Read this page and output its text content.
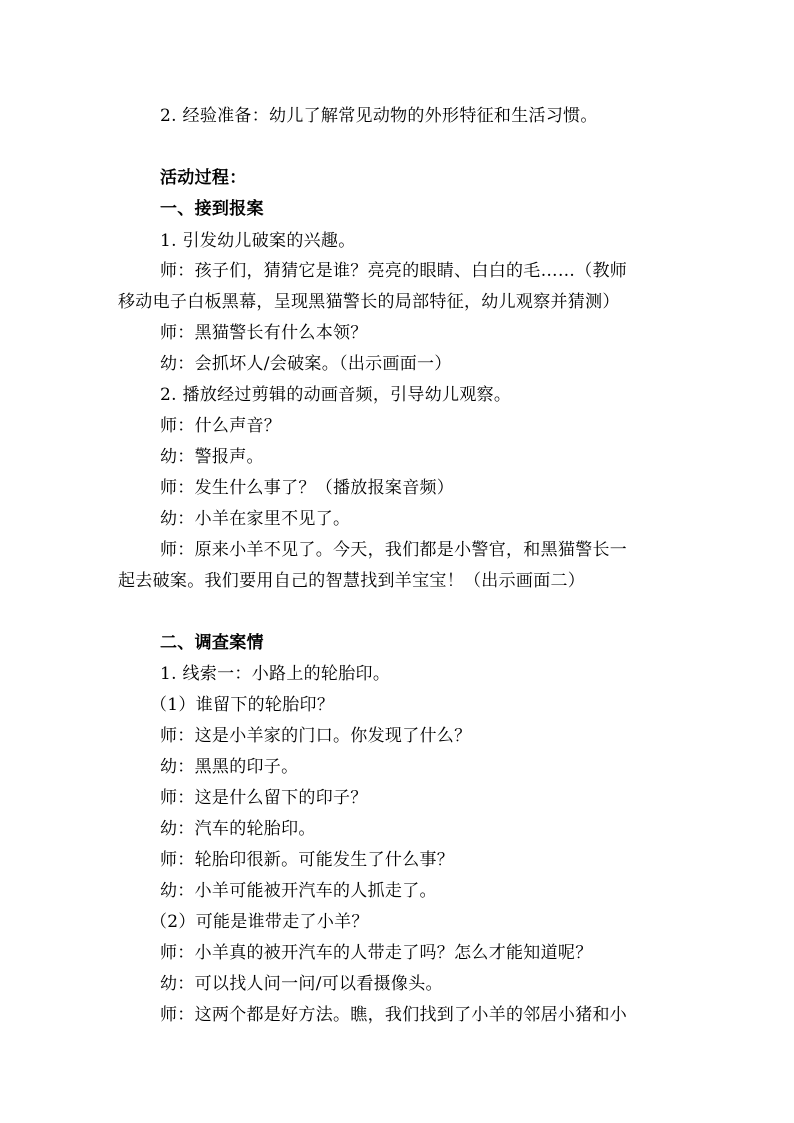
2. 经验准备：幼儿了解常见动物的外形特征和生活习惯。
活动过程：
一、接到报案
1. 引发幼儿破案的兴趣。
师：孩子们，猜猜它是谁？亮亮的眼睛、白白的毛……（教师
移动电子白板黑幕，呈现黑猫警长的局部特征，幼儿观察并猜测）
师：黑猫警长有什么本领？
幼：会抓坏人/会破案。（出示画面一）
2. 播放经过剪辑的动画音频，引导幼儿观察。
师：什么声音？
幼：警报声。
师：发生什么事了？（播放报案音频）
幼：小羊在家里不见了。
师：原来小羊不见了。今天，我们都是小警官，和黑猫警长一
起去破案。我们要用自己的智慧找到羊宝宝！（出示画面二）
二、调查案情
1. 线索一：小路上的轮胎印。
（1）谁留下的轮胎印？
师：这是小羊家的门口。你发现了什么？
幼：黑黑的印子。
师：这是什么留下的印子？
幼：汽车的轮胎印。
师：轮胎印很新。可能发生了什么事？
幼：小羊可能被开汽车的人抓走了。
（2）可能是谁带走了小羊？
师：小羊真的被开汽车的人带走了吗？怎么才能知道呢？
幼：可以找人问一问/可以看摄像头。
师：这两个都是好方法。瞧，我们找到了小羊的邻居小猪和小
